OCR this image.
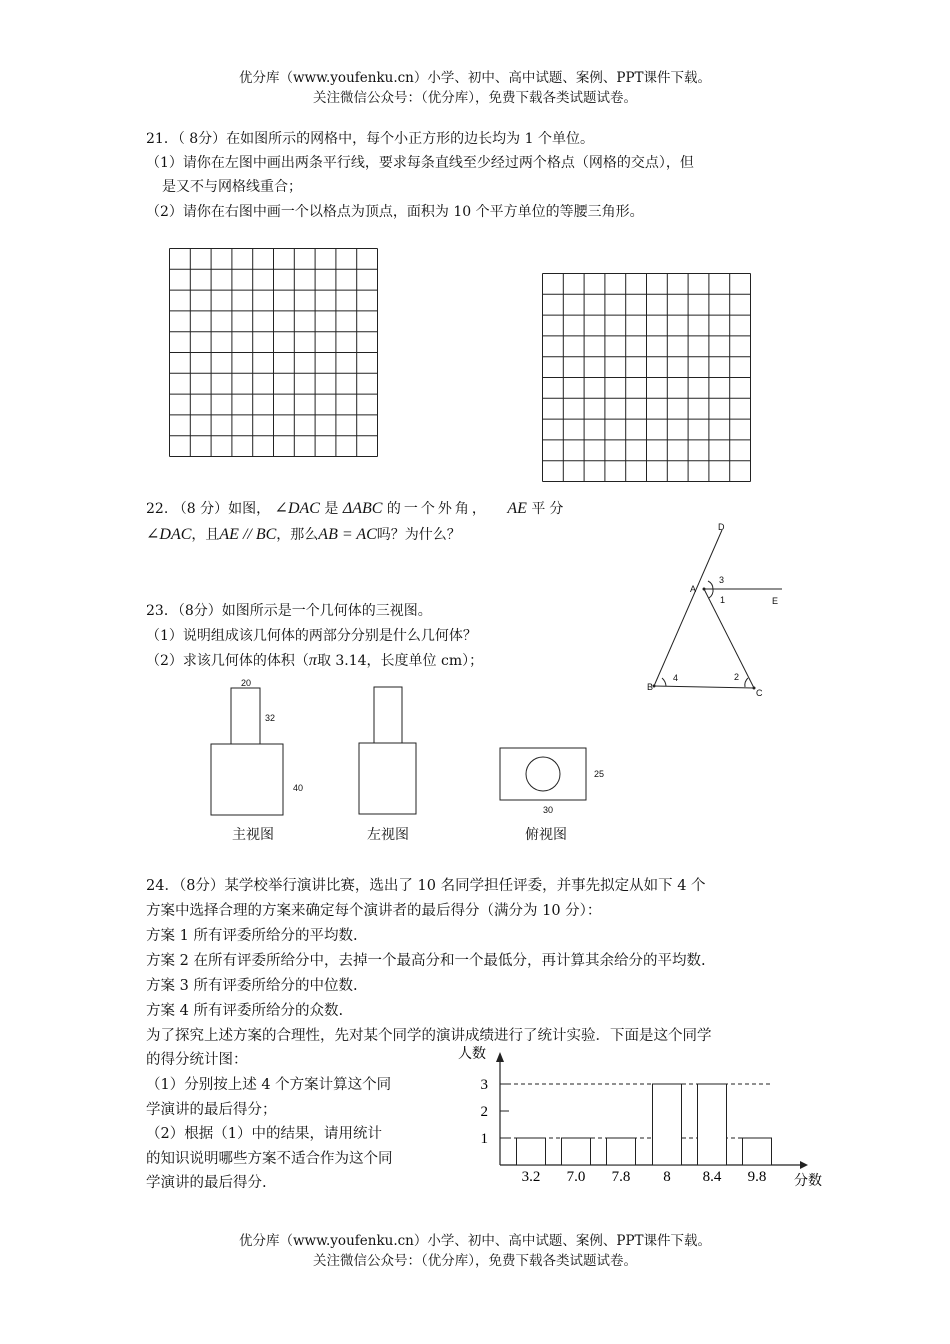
优分库（www.youfenku.cn）小学、初中、高中试题、案例、PPT课件下载。
关注微信公众号：（优分库），免费下载各类试题试卷。
21．（ 8分）在如图所示的网格中，每个小正方形的边长均为 1 个单位。
（1）请你在左图中画出两条平行线，要求每条直线至少经过两个格点（网格的交点），但
是又不与网格线重合；
（2）请你在右图中画一个以格点为顶点，面积为 10 个平方单位的等腰三角形。
22. （8 分）如图， ∠DAC 是 ΔABC 的一个外角， AE 平分
∠DAC，且AE // BC，那么AB = AC吗？为什么？	D
A
E
B
C
3
1
4	2
23．（8分）如图所示是一个几何体的三视图。
（1）说明组成该几何体的两部分分别是什么几何体？
（2）求该几何体的体积（π取 3.14，长度单位 cm）；
20
32
40
25
30
主视图	左视图	俯视图
24．（8分）某学校举行演讲比赛，选出了 10 名同学担任评委，并事先拟定从如下 4 个
方案中选择合理的方案来确定每个演讲者的最后得分（满分为 10 分）：
方案 1 所有评委所给分的平均数.
方案 2 在所有评委所给分中，去掉一个最高分和一个最低分，再计算其余给分的平均数.
方案 3 所有评委所给分的中位数.
方案 4 所有评委所给分的众数.
为了探究上述方案的合理性，先对某个同学的演讲成绩进行了统计实验．下面是这个同学
的得分统计图：
（1）分别按上述 4 个方案计算这个同
学演讲的最后得分；
（2）根据（1）中的结果，请用统计
的知识说明哪些方案不适合作为这个同
学演讲的最后得分.
1
2
3
3.2 7.0 7.8 8 8.4 9.8
人数
分数
优分库（www.youfenku.cn）小学、初中、高中试题、案例、PPT课件下载。
关注微信公众号：（优分库），免费下载各类试题试卷。
